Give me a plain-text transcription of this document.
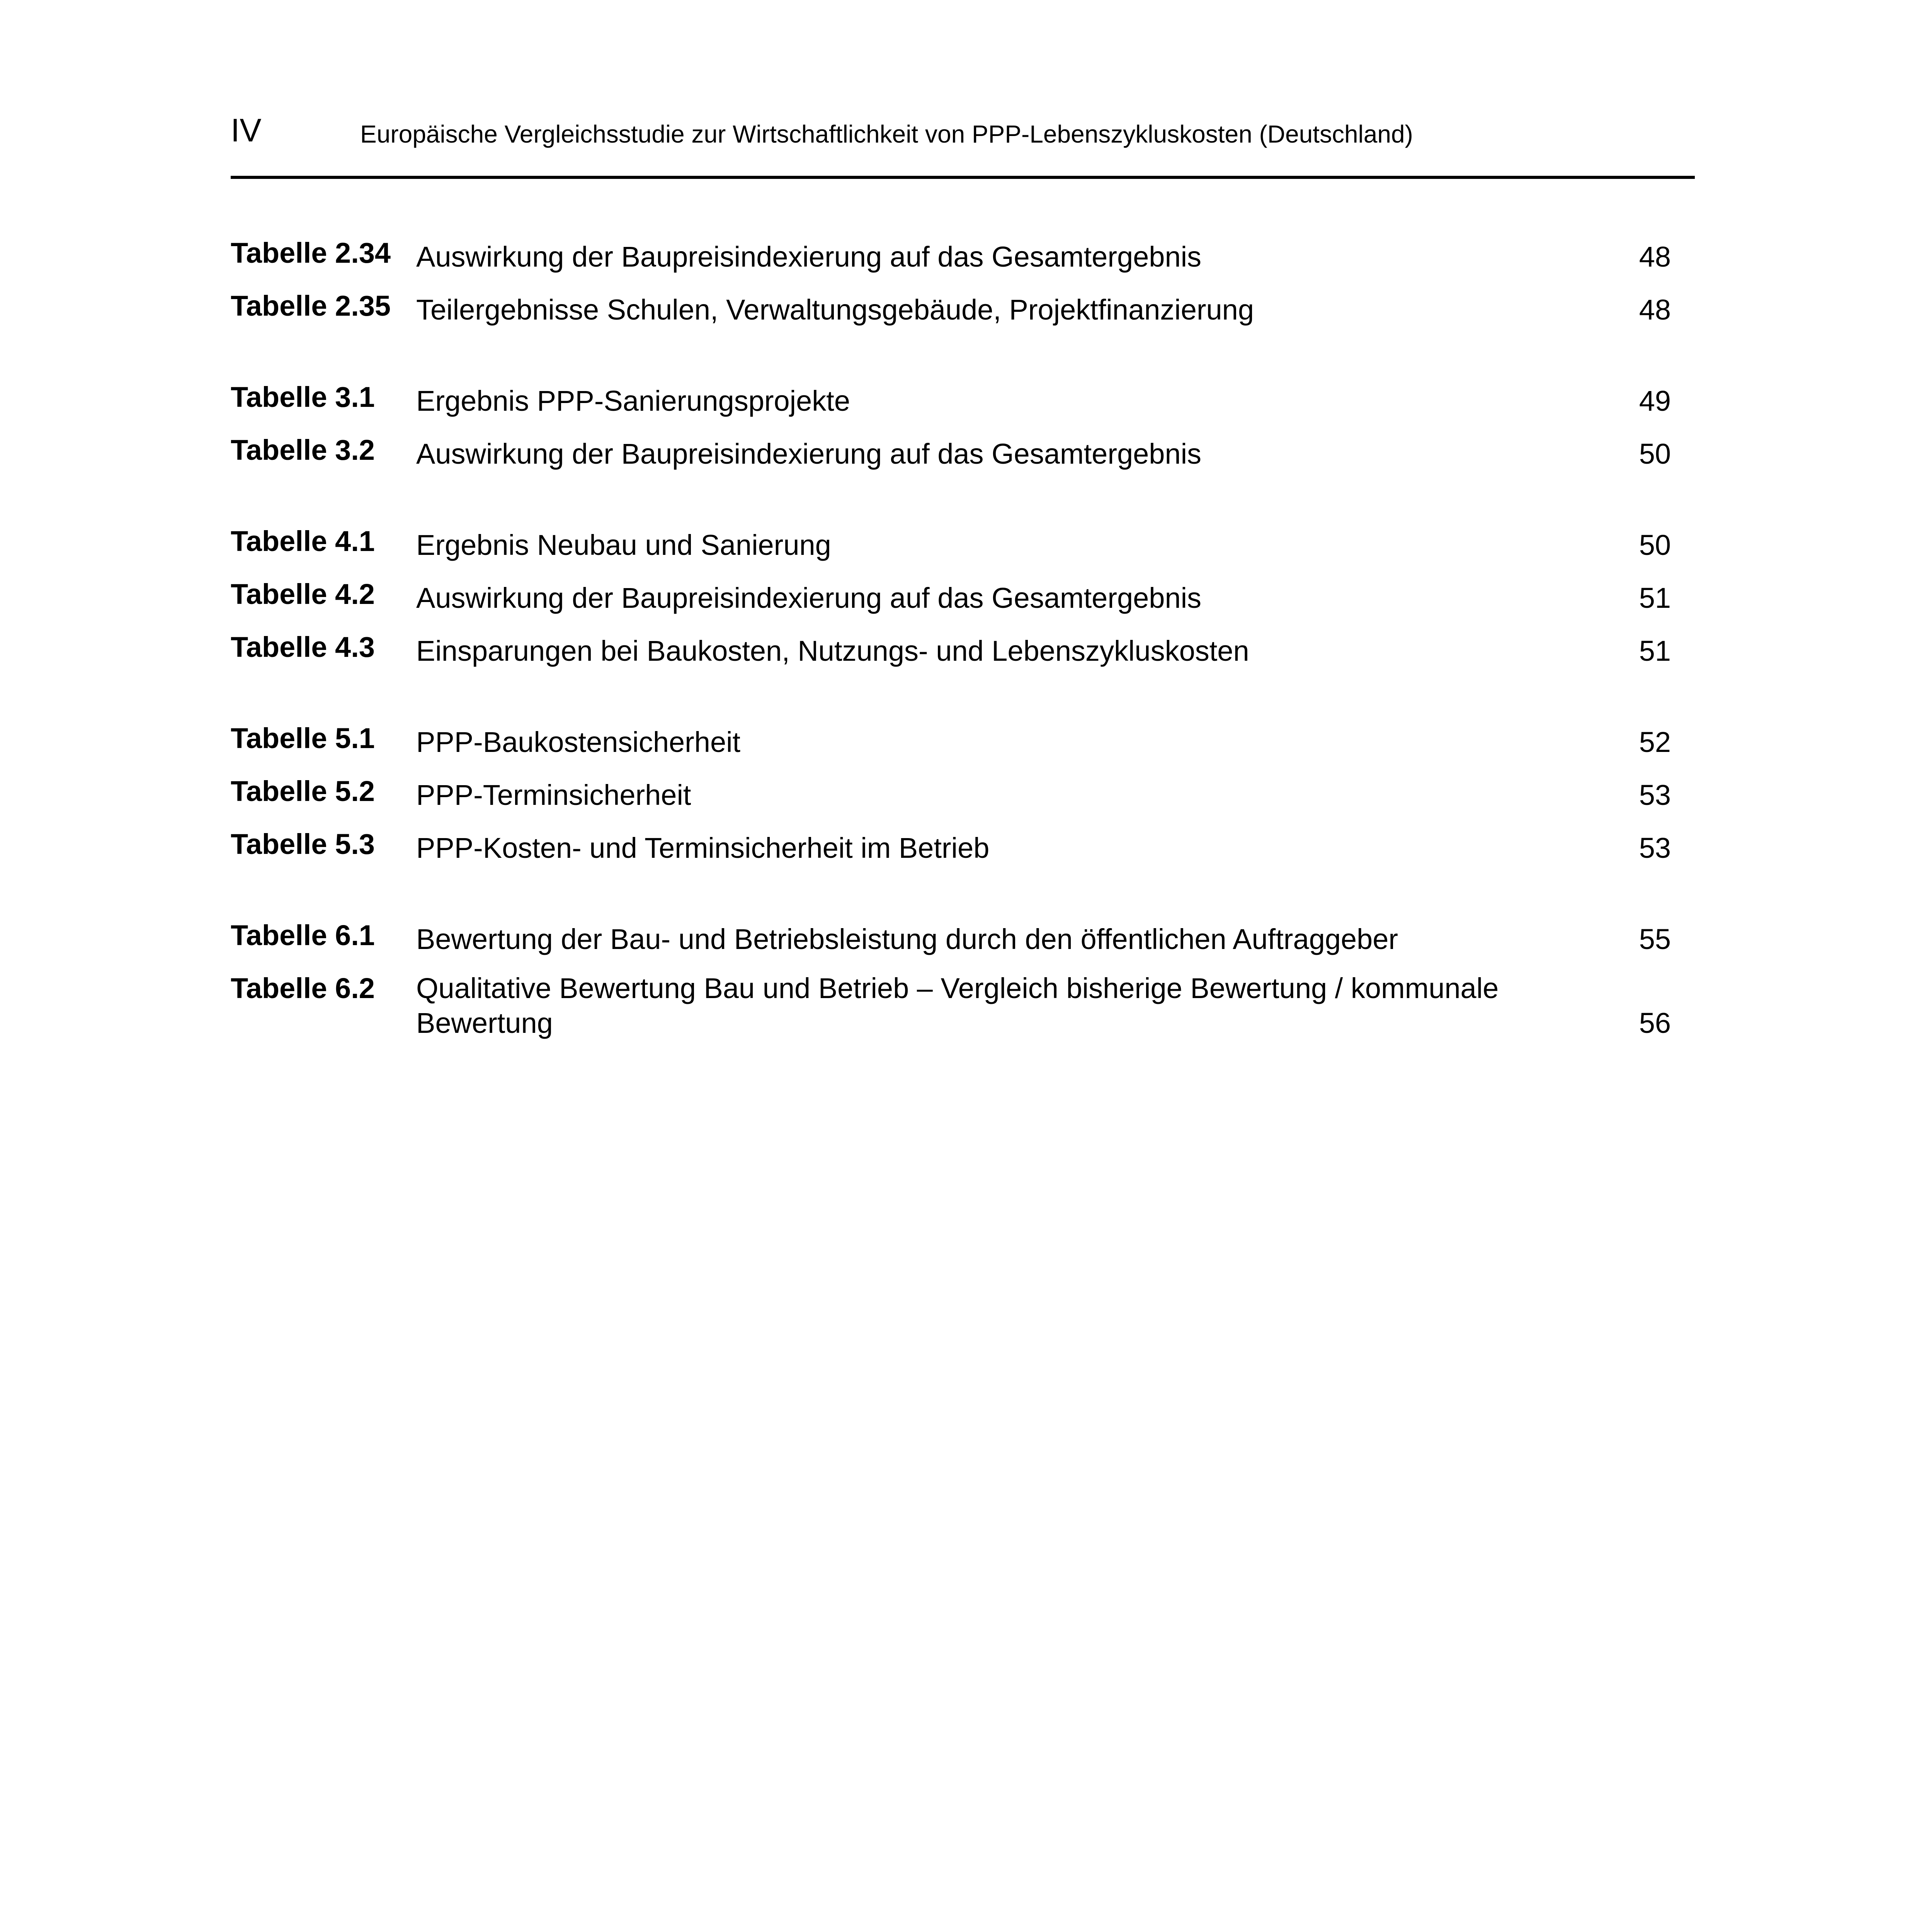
IV	Europäische Vergleichsstudie zur Wirtschaftlichkeit von PPP-Lebenszykluskosten (Deutschland)
Tabelle 2.34 Auswirkung der Baupreisindexierung auf das Gesamtergebnis	48
Tabelle 2.35 Teilergebnisse Schulen, Verwaltungsgebäude, Projektfinanzierung	48
Tabelle 3.1	Ergebnis PPP-Sanierungsprojekte	49
Tabelle 3.2	Auswirkung der Baupreisindexierung auf das Gesamtergebnis	50
Tabelle 4.1	Ergebnis Neubau und Sanierung	50
Tabelle 4.2	Auswirkung der Baupreisindexierung auf das Gesamtergebnis	51
Tabelle 4.3	Einsparungen bei Baukosten, Nutzungs- und Lebenszykluskosten	51
Tabelle 5.1	PPP-Baukostensicherheit	52
Tabelle 5.2	PPP-Terminsicherheit	53
Tabelle 5.3	PPP-Kosten- und Terminsicherheit im Betrieb	53
Tabelle 6.1	Bewertung der Bau- und Betriebsleistung durch den öffentlichen Auftraggeber	55
Tabelle 6.2	Qualitative Bewertung Bau und Betrieb – Vergleich bisherige Bewertung / kommunale Bewertung	56
